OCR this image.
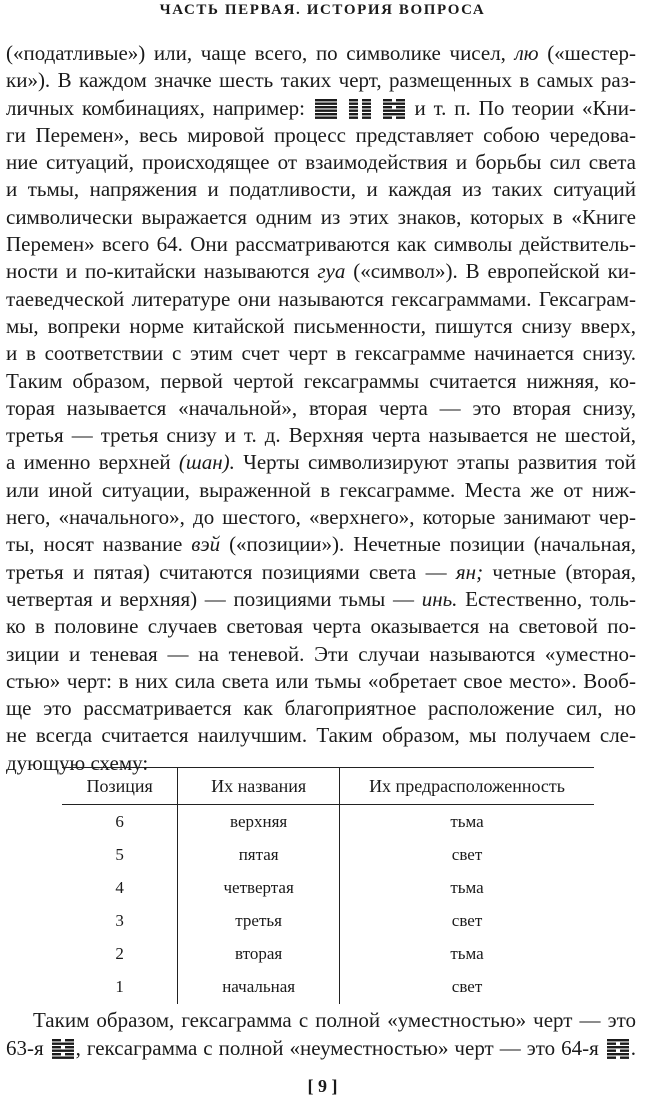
ЧАСТЬ ПЕРВАЯ. ИСТОРИЯ ВОПРОСА
(«податливые») или, чаще всего, по символике чисел, лю («шестер-
ки»). В каждом значке шесть таких черт, размещенных в самых раз-
личных комбинациях, например:	и т. п. По теории «Кни-
ги Перемен», весь мировой процесс представляет собою чередова-
ние ситуаций, происходящее от взаимодействия и борьбы сил света
и тьмы, напряжения и податливости, и каждая из таких ситуаций
символически выражается одним из этих знаков, которых в «Книге
Перемен» всего 64. Они рассматриваются как символы действитель-
ности и по-китайски называются гуа («символ»). В европейской ки-
таеведческой литературе они называются гексаграммами. Гексаграм-
мы, вопреки норме китайской письменности, пишутся снизу вверх,
и в соответствии с этим счет черт в гексаграмме начинается снизу.
Таким образом, первой чертой гексаграммы считается нижняя, ко-
торая называется «начальной», вторая черта — это вторая снизу,
третья — третья снизу и т. д. Верхняя черта называется не шестой,
а именно верхней (шан). Черты символизируют этапы развития той
или иной ситуации, выраженной в гексаграмме. Места же от ниж-
него, «начального», до шестого, «верхнего», которые занимают чер-
ты, носят название вэй («позиции»). Нечетные позиции (начальная,
третья и пятая) считаются позициями света — ян; четные (вторая,
четвертая и верхняя) — позициями тьмы — инь. Естественно, толь-
ко в половине случаев световая черта оказывается на световой по-
зиции и теневая — на теневой. Эти случаи называются «уместно-
стью» черт: в них сила света или тьмы «обретает свое место». Вооб-
ще это рассматривается как благоприятное расположение сил, но
не всегда считается наилучшим. Таким образом, мы получаем сле-
дующую схему:
Позиция	Их названия	Их предрасположенность
6	верхняя	тьма
5	пятая	свет
4	четвертая	тьма
3	третья	свет
2	вторая	тьма
1	начальная	свет
Таким образом, гексаграмма с полной «уместностью» черт — это
63-я , гексаграмма с полной «неуместностью» черт — это 64-я .
[ 9 ]
